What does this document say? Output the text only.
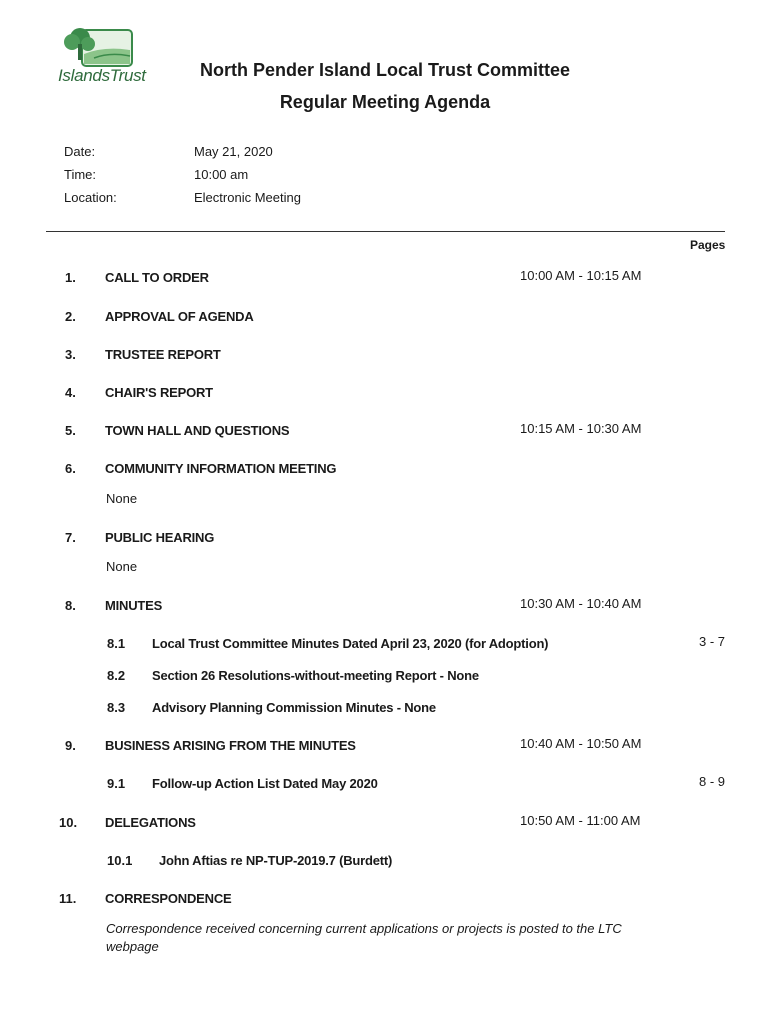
IslandsTrust	North Pender Island Local Trust Committee
Regular Meeting Agenda
Date:	May 21, 2020
Time:	10:00 am
Location:	Electronic Meeting
Pages
1. CALL TO ORDER	10:00 AM - 10:15 AM
2. APPROVAL OF AGENDA
3. TRUSTEE REPORT
4. CHAIR'S REPORT
5. TOWN HALL AND QUESTIONS	10:15 AM - 10:30 AM
6. COMMUNITY INFORMATION MEETING
None
7. PUBLIC HEARING
None
8. MINUTES	10:30 AM - 10:40 AM
8.1 Local Trust Committee Minutes Dated April 23, 2020 (for Adoption)	3 - 7
8.2 Section 26 Resolutions-without-meeting Report - None
8.3 Advisory Planning Commission Minutes - None
9. BUSINESS ARISING FROM THE MINUTES	10:40 AM - 10:50 AM
9.1 Follow-up Action List Dated May 2020	8 - 9
10. DELEGATIONS	10:50 AM - 11:00 AM
10.1 John Aftias re NP-TUP-2019.7 (Burdett)
11. CORRESPONDENCE
Correspondence received concerning current applications or projects is posted to the LTC webpage
